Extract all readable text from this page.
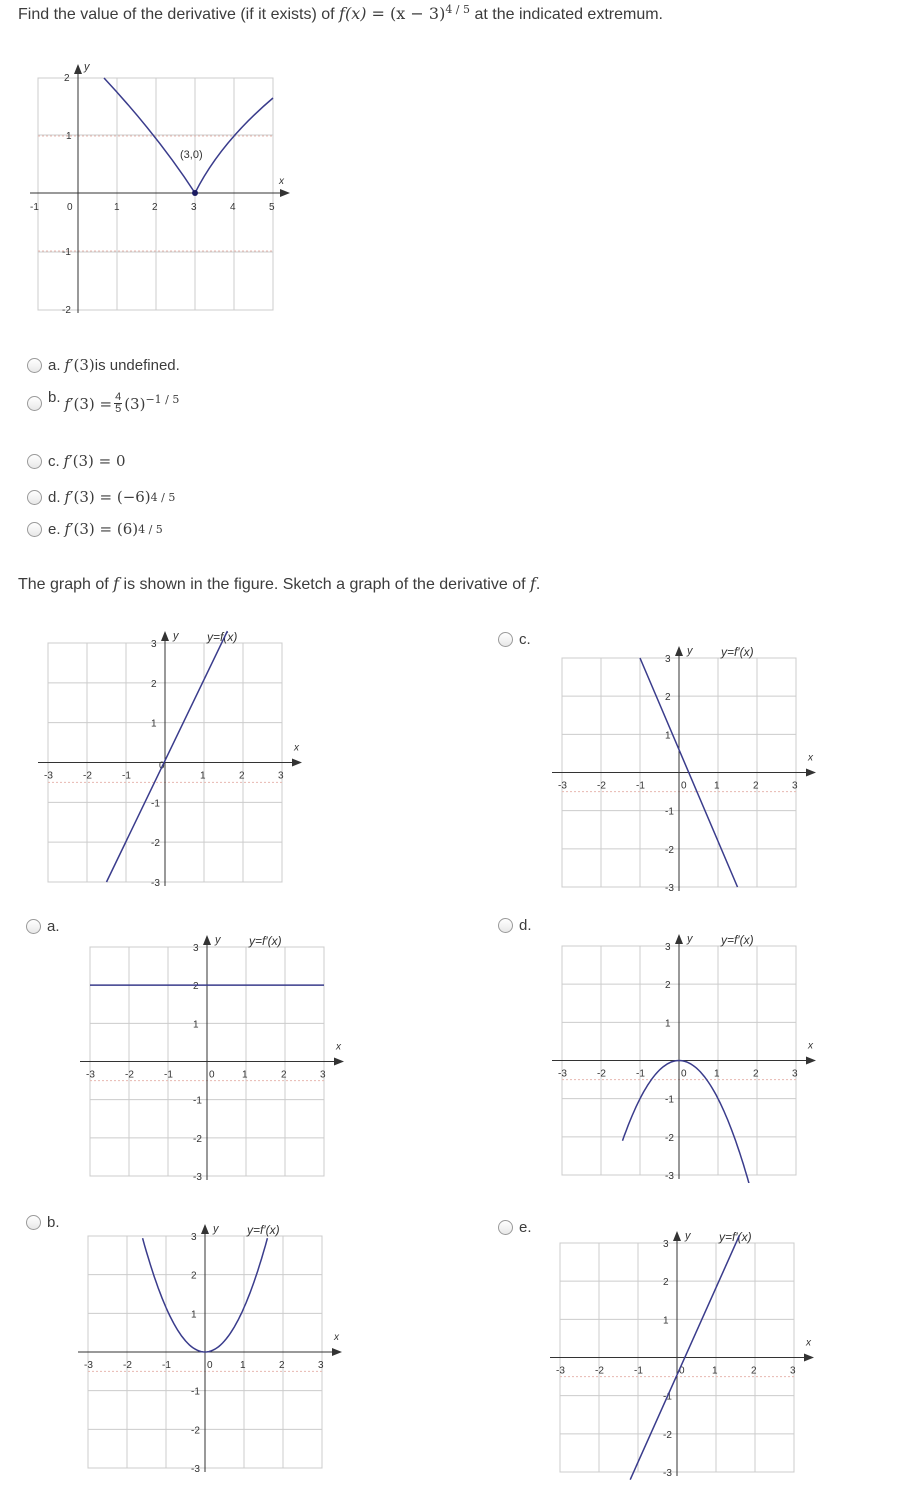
Find the value of the derivative (if it exists) of $f(x) = (x - 3)^{4 / 5}$ at the indicated extremum.
y
x
-1	0	1	2	3	4	5
2
1
-1
-2
(3,0)
a. f ′(3) is undefined.
b. f $'(3) = \frac{4}{5} (3)^{-1 / 5}$
c. f ′(3) = 0
d. f ′(3) = (−6) 4 / 5
e. f ′(3) = (6) 4 / 5
The graph of f is shown in the figure. Sketch a graph of the derivative of f.
y
x
y=f(x)
-3	-2	-1	1	2	3
0
3
2
1
-1
-2
-3
c.
y
x
y=f′(x)
-3	-2	-1	1	2	3
0
3
2
1
-1
-2
-3
a.
y
x
y=f′(x)
-3	-2	-1	1	2	3
0
3
2
1
-1
-2
-3
d.
y
x
y=f′(x)
-3	-2	-1	1	2	3
0
3
2
1
-1
-2
-3
b.	y
x
y=f′(x)
-3	-2	-1	1	2	3
0
3
2
1
-1
-2
-3
e.	y
x
y=f′(x)
-3	-2	-1	1	2	3
0
3
2
1
-1
-2
-3
